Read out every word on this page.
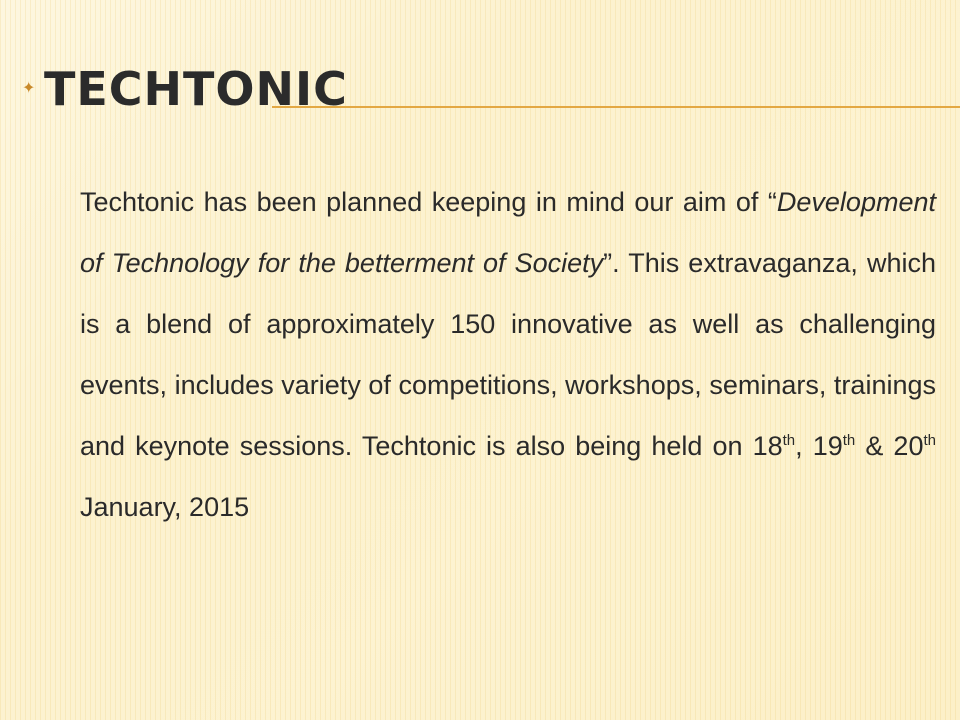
✦ TECHTONIC

Techtonic has been planned keeping in mind our aim of “Development of Technology for the betterment of Society”. This extravaganza, which is a blend of approximately 150 innovative as well as challenging events, includes variety of competitions, workshops, seminars, trainings and keynote sessions. Techtonic is also being held on 18th, 19th & 20th January, 2015
